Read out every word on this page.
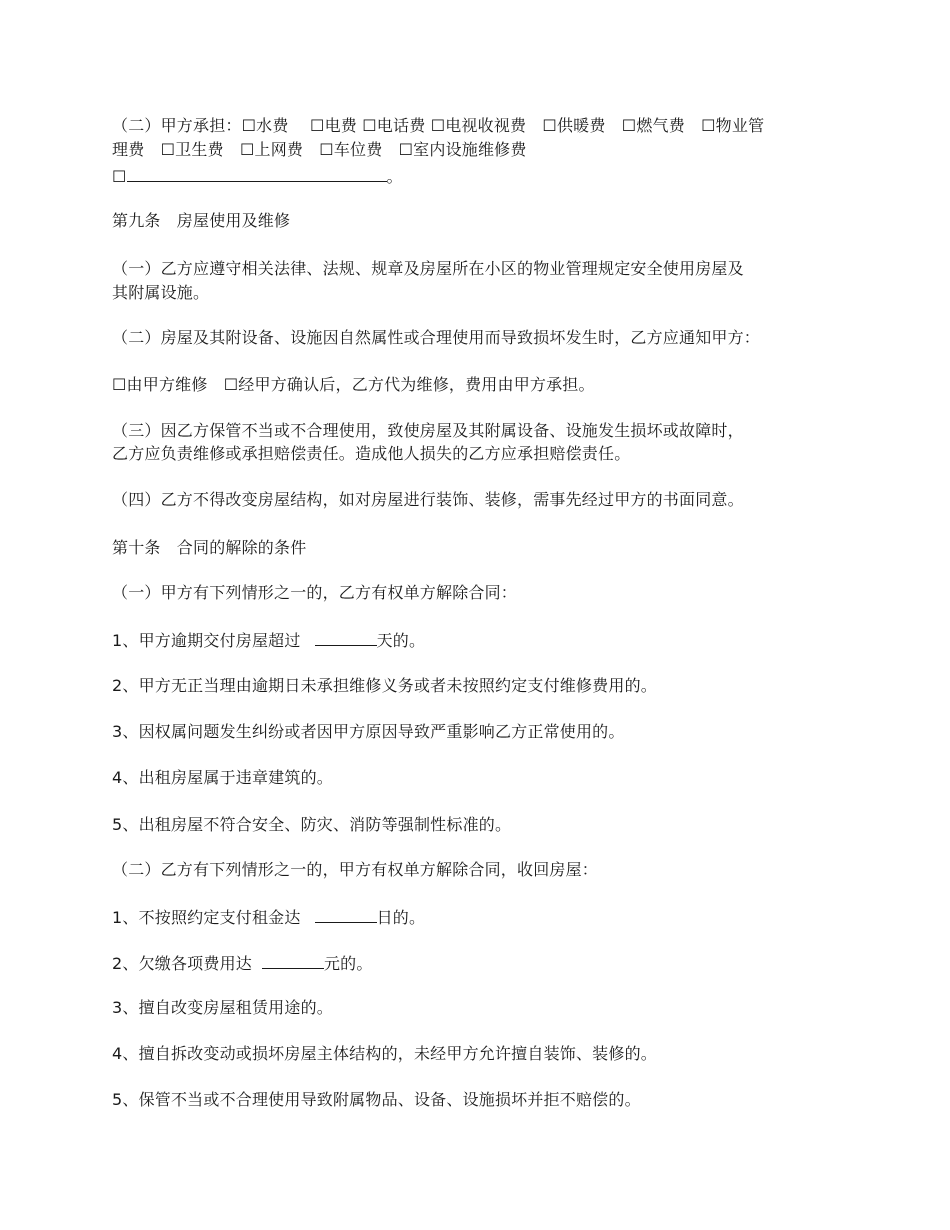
（二）甲方承担：☐水费　 ☐电费 ☐电话费 ☐电视收视费　☐供暖费　☐燃气费　☐物业管
理费　☐卫生费　☐上网费　☐车位费　☐室内设施维修费
☐	。
第九条　房屋使用及维修
（一）乙方应遵守相关法律、法规、规章及房屋所在小区的物业管理规定安全使用房屋及
其附属设施。
（二）房屋及其附设备、设施因自然属性或合理使用而导致损坏发生时，乙方应通知甲方：
☐由甲方维修　☐经甲方确认后，乙方代为维修，费用由甲方承担。
（三）因乙方保管不当或不合理使用，致使房屋及其附属设备、设施发生损坏或故障时，
乙方应负责维修或承担赔偿责任。造成他人损失的乙方应承担赔偿责任。
（四）乙方不得改变房屋结构，如对房屋进行装饰、装修，需事先经过甲方的书面同意。
第十条　合同的解除的条件
（一）甲方有下列情形之一的，乙方有权单方解除合同：
1、甲方逾期交付房屋超过	天的。
2、甲方无正当理由逾期日未承担维修义务或者未按照约定支付维修费用的。
3、因权属问题发生纠纷或者因甲方原因导致严重影响乙方正常使用的。
4、出租房屋属于违章建筑的。
5、出租房屋不符合安全、防灾、消防等强制性标准的。
（二）乙方有下列情形之一的，甲方有权单方解除合同，收回房屋：
1、不按照约定支付租金达	日的。
2、欠缴各项费用达	元的。
3、擅自改变房屋租赁用途的。
4、擅自拆改变动或损坏房屋主体结构的，未经甲方允许擅自装饰、装修的。
5、保管不当或不合理使用导致附属物品、设备、设施损坏并拒不赔偿的。
